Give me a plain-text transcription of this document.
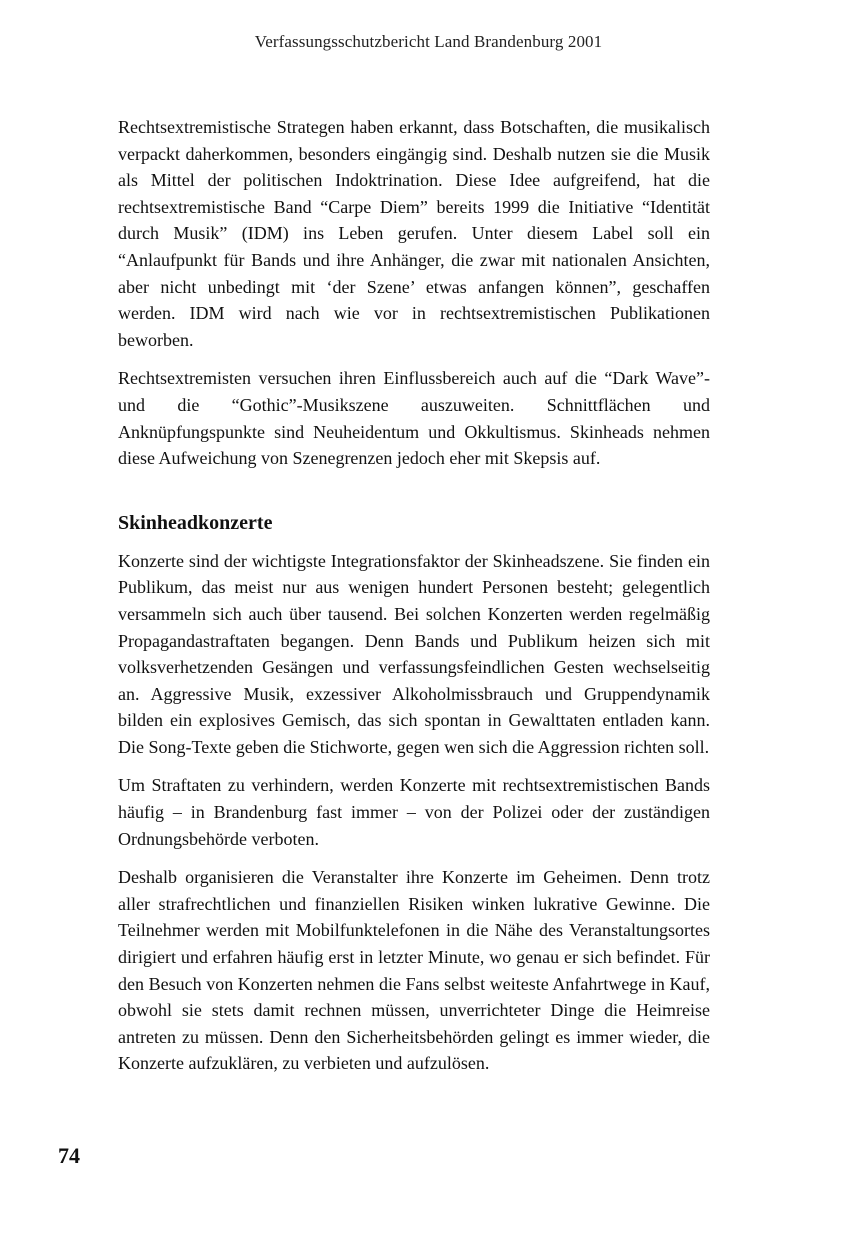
Verfassungsschutzbericht Land Brandenburg 2001

Rechtsextremistische Strategen haben erkannt, dass Botschaften, die musikalisch verpackt daherkommen, besonders eingängig sind. Deshalb nutzen sie die Musik als Mittel der politischen Indoktrination. Diese Idee aufgreifend, hat die rechtsextremistische Band “Carpe Diem” bereits 1999 die Initiative “Identität durch Musik” (IDM) ins Leben gerufen. Unter diesem Label soll ein “Anlaufpunkt für Bands und ihre Anhänger, die zwar mit nationalen Ansichten, aber nicht unbedingt mit ‘der Szene’ etwas anfangen können”, geschaffen werden. IDM wird nach wie vor in rechtsextremistischen Publikationen beworben.

Rechtsextremisten versuchen ihren Einflussbereich auch auf die “Dark Wave”- und die “Gothic”-Musikszene auszuweiten. Schnittflächen und Anknüpfungspunkte sind Neuheidentum und Okkultismus. Skinheads nehmen diese Aufweichung von Szenegrenzen jedoch eher mit Skepsis auf.

Skinheadkonzerte

Konzerte sind der wichtigste Integrationsfaktor der Skinheadszene. Sie finden ein Publikum, das meist nur aus wenigen hundert Personen besteht; gelegentlich versammeln sich auch über tausend. Bei solchen Konzerten werden regelmäßig Propagandastraftaten begangen. Denn Bands und Publikum heizen sich mit volksverhetzenden Gesängen und verfassungsfeindlichen Gesten wechselseitig an. Aggressive Musik, exzessiver Alkoholmissbrauch und Gruppendynamik bilden ein explosives Gemisch, das sich spontan in Gewalttaten entladen kann. Die Song-Texte geben die Stichworte, gegen wen sich die Aggression richten soll.

Um Straftaten zu verhindern, werden Konzerte mit rechtsextremistischen Bands häufig – in Brandenburg fast immer – von der Polizei oder der zuständigen Ordnungsbehörde verboten.

Deshalb organisieren die Veranstalter ihre Konzerte im Geheimen. Denn trotz aller strafrechtlichen und finanziellen Risiken winken lukrative Gewinne. Die Teilnehmer werden mit Mobilfunktelefonen in die Nähe des Veranstaltungsortes dirigiert und erfahren häufig erst in letzter Minute, wo genau er sich befindet. Für den Besuch von Konzerten nehmen die Fans selbst weiteste Anfahrtwege in Kauf, obwohl sie stets damit rechnen müssen, unverrichteter Dinge die Heimreise antreten zu müssen. Denn den Sicherheitsbehörden gelingt es immer wieder, die Konzerte aufzuklären, zu verbieten und aufzulösen.

74
